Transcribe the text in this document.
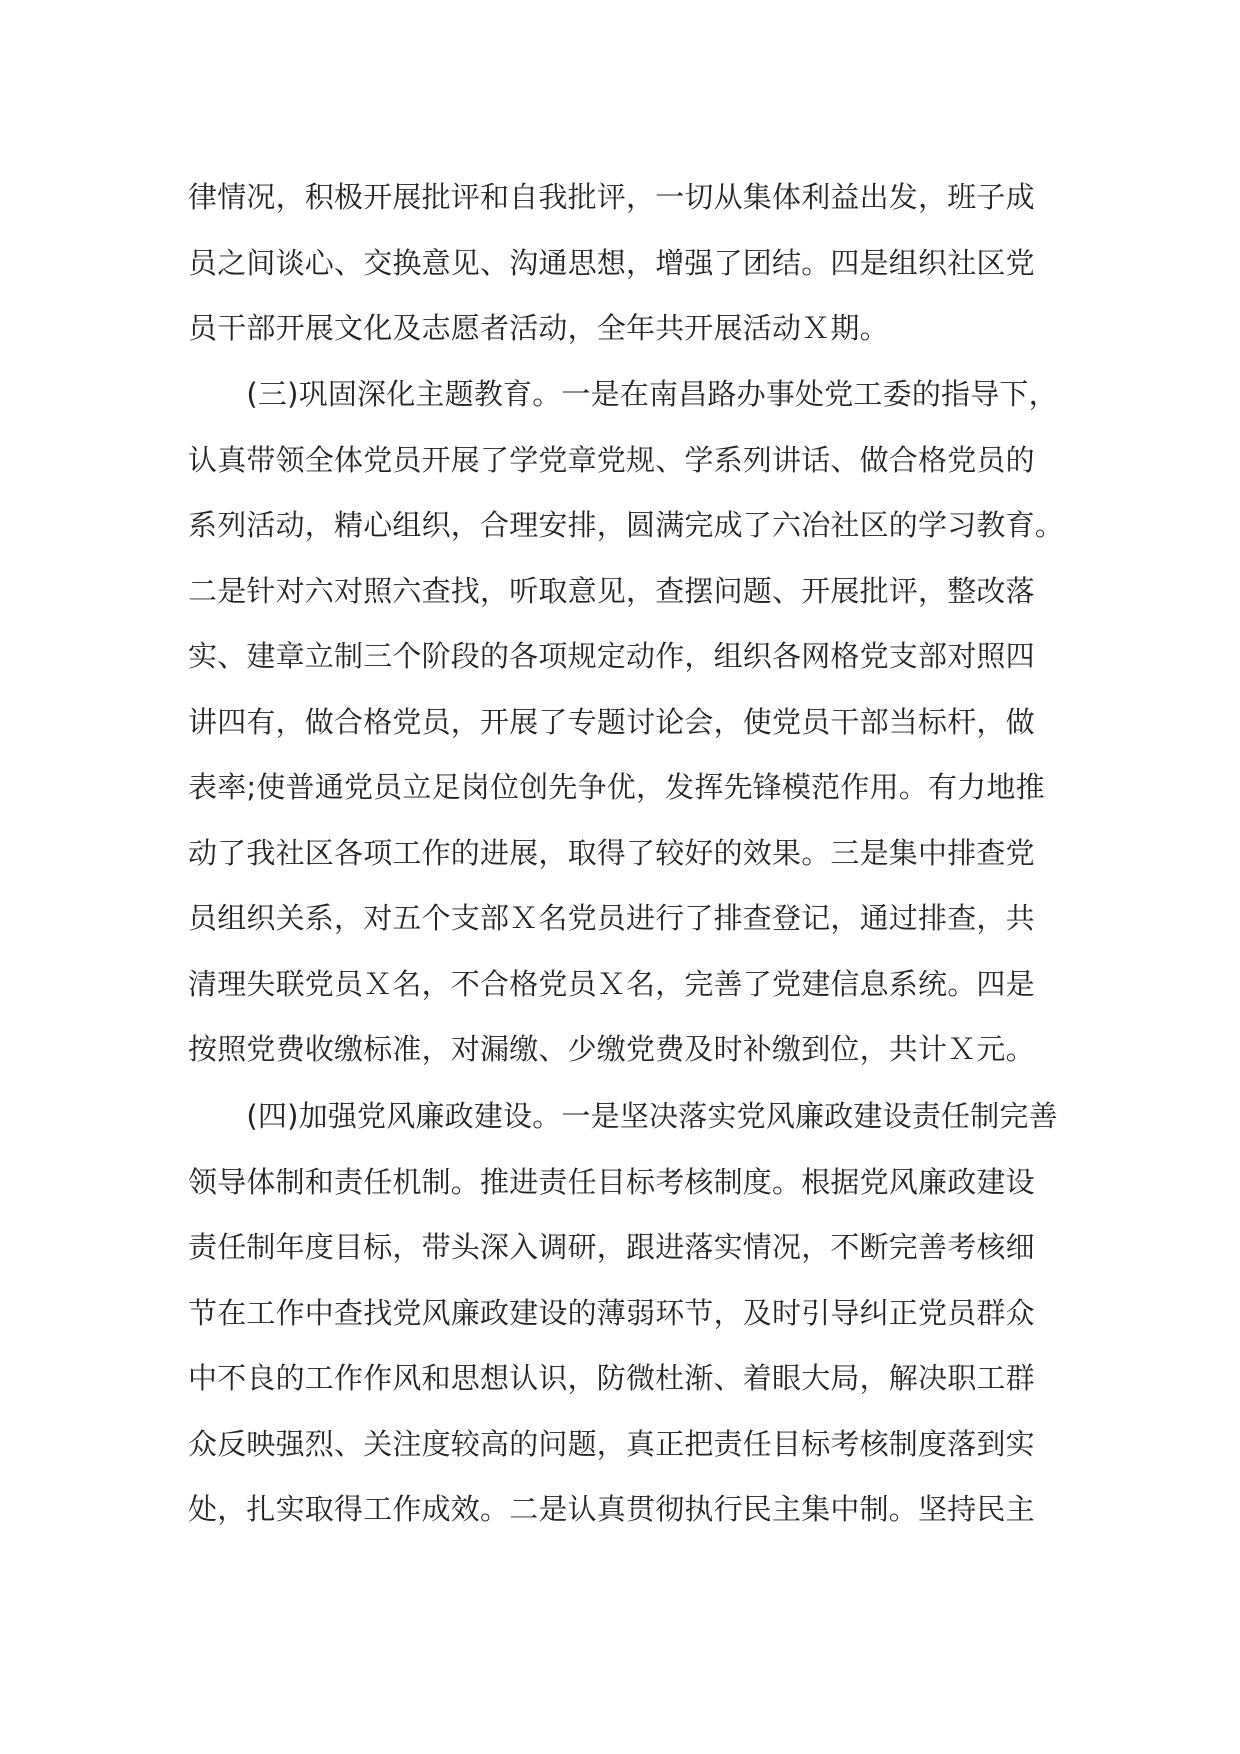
律情况，积极开展批评和自我批评，一切从集体利益出发，班子成
员之间谈心、交换意见、沟通思想，增强了团结。四是组织社区党
员干部开展文化及志愿者活动，全年共开展活动Ｘ期。
　　(三)巩固深化主题教育。一是在南昌路办事处党工委的指导下，
认真带领全体党员开展了学党章党规、学系列讲话、做合格党员的
系列活动，精心组织，合理安排，圆满完成了六冶社区的学习教育。
二是针对六对照六查找，听取意见，查摆问题、开展批评，整改落
实、建章立制三个阶段的各项规定动作，组织各网格党支部对照四
讲四有，做合格党员，开展了专题讨论会，使党员干部当标杆，做
表率;使普通党员立足岗位创先争优，发挥先锋模范作用。有力地推
动了我社区各项工作的进展，取得了较好的效果。三是集中排查党
员组织关系，对五个支部Ｘ名党员进行了排查登记，通过排查，共
清理失联党员Ｘ名，不合格党员Ｘ名，完善了党建信息系统。四是
按照党费收缴标准，对漏缴、少缴党费及时补缴到位，共计Ｘ元。
　　(四)加强党风廉政建设。一是坚决落实党风廉政建设责任制完善
领导体制和责任机制。推进责任目标考核制度。根据党风廉政建设
责任制年度目标，带头深入调研，跟进落实情况，不断完善考核细
节在工作中查找党风廉政建设的薄弱环节，及时引导纠正党员群众
中不良的工作作风和思想认识，防微杜渐、着眼大局，解决职工群
众反映强烈、关注度较高的问题，真正把责任目标考核制度落到实
处，扎实取得工作成效。二是认真贯彻执行民主集中制。坚持民主
